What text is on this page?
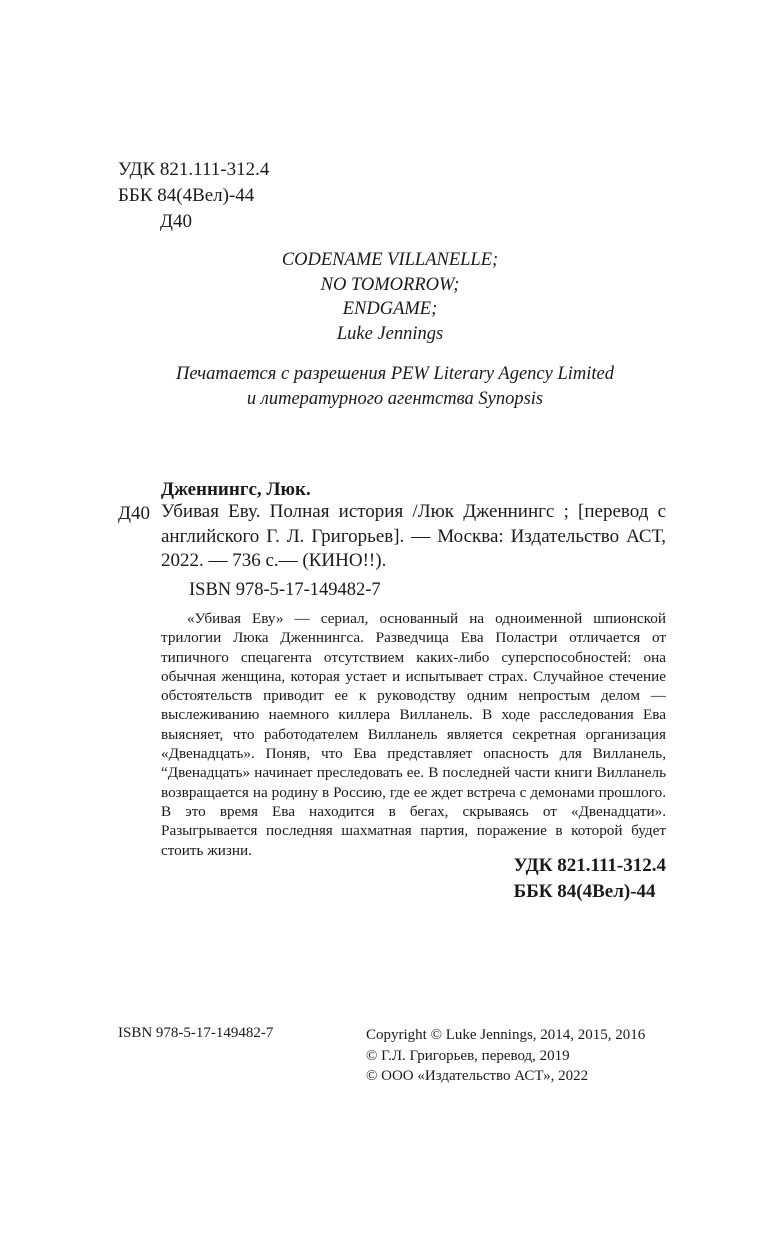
УДК 821.111-312.4
ББК 84(4Вел)-44
Д40
CODENAME VILLANELLE;
NO TOMORROW;
ENDGAME;
Luke Jennings
Печатается с разрешения PEW Literary Agency Limited
и литературного агентства Synopsis
Дженнингс, Люк.
Д40 Убивая Еву. Полная история /Люк Дженнингс ; [перевод с английского Г. Л. Григорьев]. — Москва: Издательство АСТ, 2022. — 736 с.— (КИНО!!).
ISBN 978-5-17-149482-7
«Убивая Еву» — сериал, основанный на одноименной шпионской трилогии Люка Дженнингса. Разведчица Ева Поластри отличается от типичного спецагента отсутствием каких-либо суперспособностей: она обычная женщина, которая устает и испытывает страх. Случайное стечение обстоятельств приводит ее к руководству одним непростым делом — выслеживанию наемного киллера Вилланель. В ходе расследования Ева выясняет, что работодателем Вилланель является секретная организация «Двенадцать». Поняв, что Ева представляет опасность для Вилланель, “Двенадцать» начинает преследовать ее. В последней части книги Вилланель возвращается на родину в Россию, где ее ждет встреча с демонами прошлого. В это время Ева находится в бегах, скрываясь от «Двенадцати». Разыгрывается последняя шахматная партия, поражение в которой будет стоить жизни.
УДК 821.111-312.4
ББК 84(4Вел)-44
ISBN 978-5-17-149482-7	Copyright © Luke Jennings, 2014, 2015, 2016
© Г.Л. Григорьев, перевод, 2019
© ООО «Издательство АСТ», 2022
